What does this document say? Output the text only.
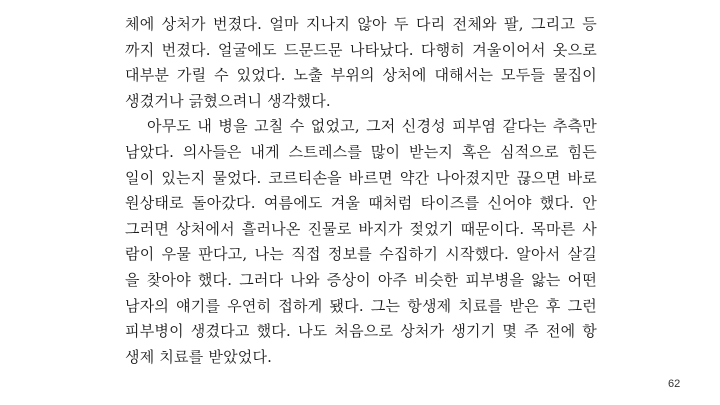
체에 상처가 번졌다. 얼마 지나지 않아 두 다리 전체와 팔, 그리고 등
까지 번졌다. 얼굴에도 드문드문 나타났다. 다행히 겨울이어서 옷으로
대부분 가릴 수 있었다. 노출 부위의 상처에 대해서는 모두들 물집이
생겼거나 긁혔으려니 생각했다.
아무도 내 병을 고칠 수 없었고, 그저 신경성 피부염 같다는 추측만
남았다. 의사들은 내게 스트레스를 많이 받는지 혹은 심적으로 힘든
일이 있는지 물었다. 코르티손을 바르면 약간 나아졌지만 끊으면 바로
원상태로 돌아갔다. 여름에도 겨울 때처럼 타이즈를 신어야 했다. 안
그러면 상처에서 흘러나온 진물로 바지가 젖었기 때문이다. 목마른 사
람이 우물 판다고, 나는 직접 정보를 수집하기 시작했다. 알아서 살길
을 찾아야 했다. 그러다 나와 증상이 아주 비슷한 피부병을 앓는 어떤
남자의 얘기를 우연히 접하게 됐다. 그는 항생제 치료를 받은 후 그런
피부병이 생겼다고 했다. 나도 처음으로 상처가 생기기 몇 주 전에 항
생제 치료를 받았었다.
62
